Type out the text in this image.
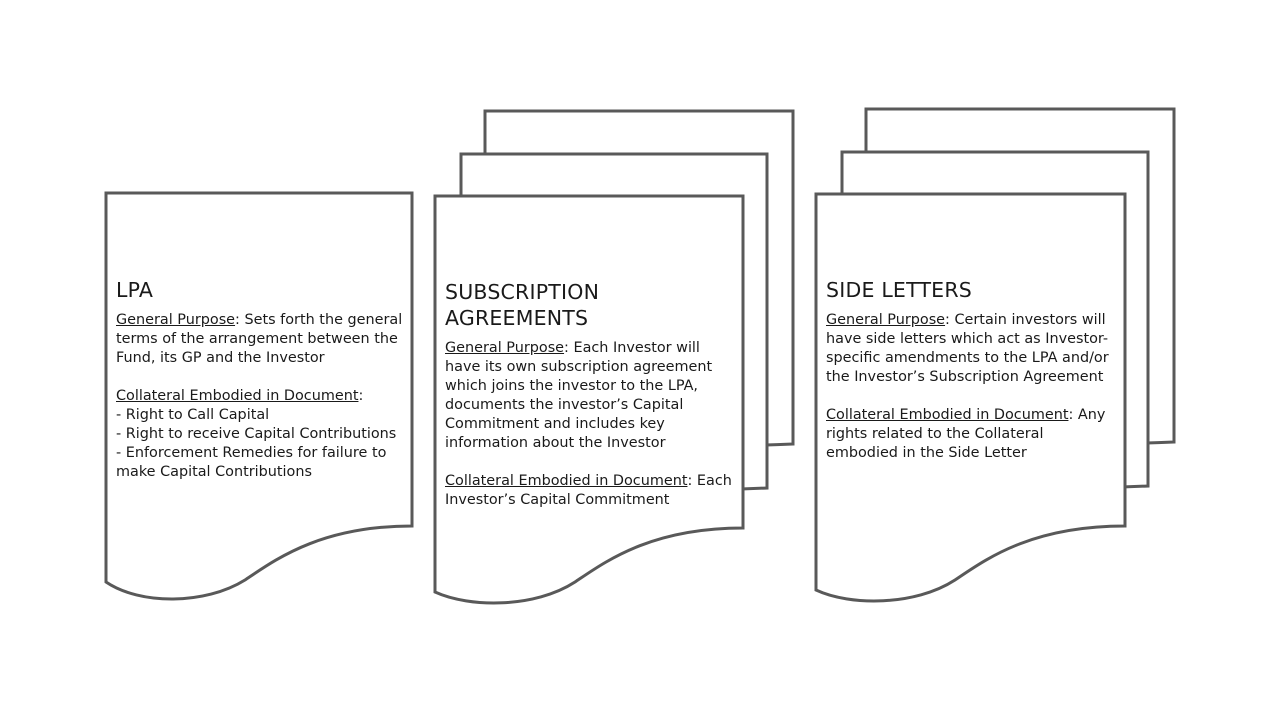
LPA
General Purpose: Sets forth the general terms of the arrangement between the Fund, its GP and the Investor
Collateral Embodied in Document:
- Right to Call Capital
- Right to receive Capital Contributions
- Enforcement Remedies for failure to make Capital Contributions
SUBSCRIPTION AGREEMENTS
General Purpose: Each Investor will have its own subscription agreement which joins the investor to the LPA, documents the investor’s Capital Commitment and includes key information about the Investor
Collateral Embodied in Document: Each Investor’s Capital Commitment
SIDE LETTERS
General Purpose: Certain investors will have side letters which act as Investor-specific amendments to the LPA and/or the Investor’s Subscription Agreement
Collateral Embodied in Document: Any rights related to the Collateral embodied in the Side Letter
